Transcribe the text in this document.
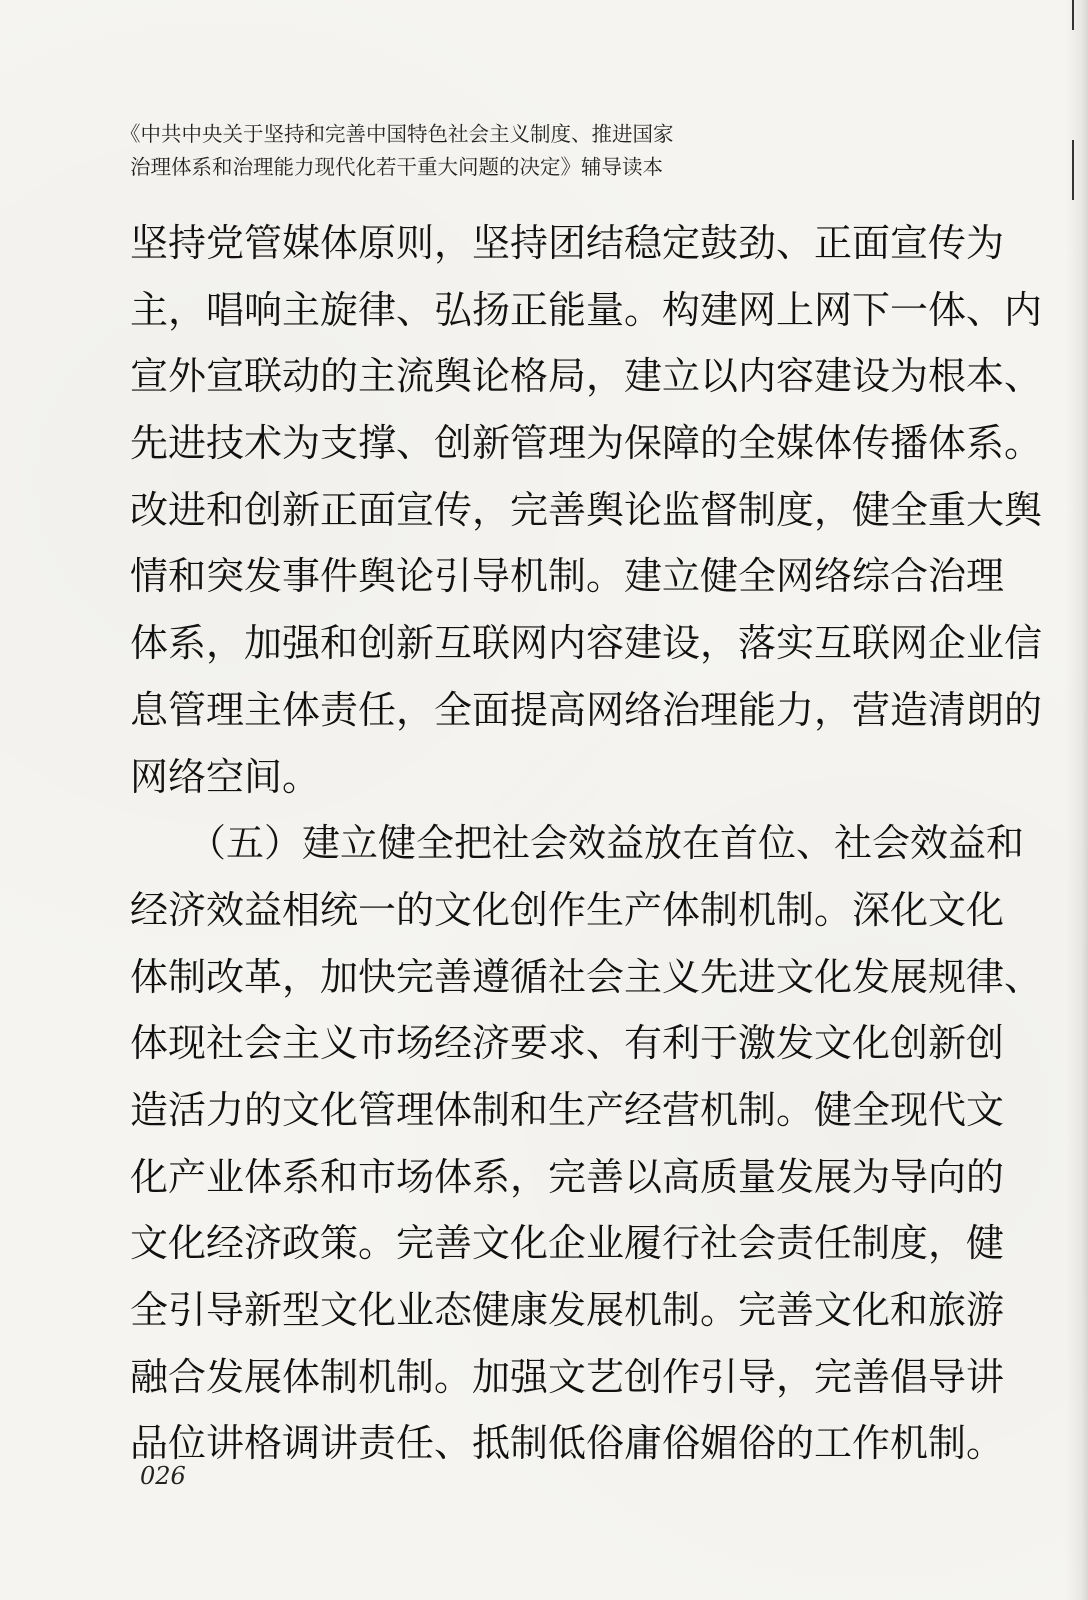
《中共中央关于坚持和完善中国特色社会主义制度、推进国家
治理体系和治理能力现代化若干重大问题的决定》辅导读本
坚持党管媒体原则，坚持团结稳定鼓劲、正面宣传为
主，唱响主旋律、弘扬正能量。构建网上网下一体、内
宣外宣联动的主流舆论格局，建立以内容建设为根本、
先进技术为支撑、创新管理为保障的全媒体传播体系。
改进和创新正面宣传，完善舆论监督制度，健全重大舆
情和突发事件舆论引导机制。建立健全网络综合治理
体系，加强和创新互联网内容建设，落实互联网企业信
息管理主体责任，全面提高网络治理能力，营造清朗的
网络空间。
（五）建立健全把社会效益放在首位、社会效益和
经济效益相统一的文化创作生产体制机制。深化文化
体制改革，加快完善遵循社会主义先进文化发展规律、
体现社会主义市场经济要求、有利于激发文化创新创
造活力的文化管理体制和生产经营机制。健全现代文
化产业体系和市场体系，完善以高质量发展为导向的
文化经济政策。完善文化企业履行社会责任制度，健
全引导新型文化业态健康发展机制。完善文化和旅游
融合发展体制机制。加强文艺创作引导，完善倡导讲
品位讲格调讲责任、抵制低俗庸俗媚俗的工作机制。
026
